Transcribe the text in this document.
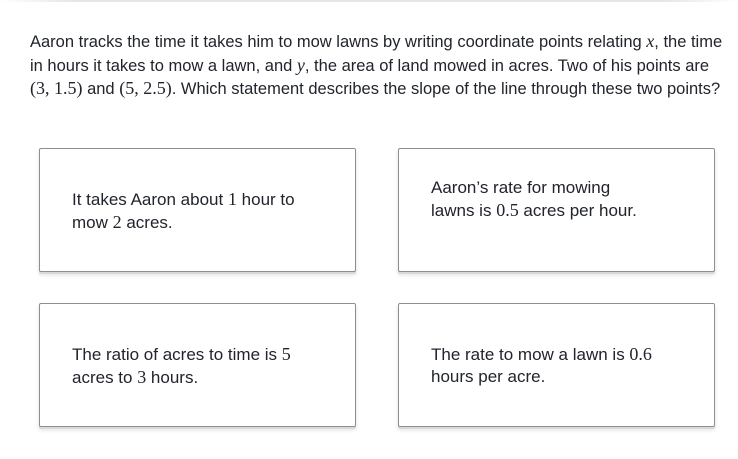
Aaron tracks the time it takes him to mow lawns by writing coordinate points relating x, the time in hours it takes to mow a lawn, and y, the area of land mowed in acres. Two of his points are (3, 1.5) and (5, 2.5). Which statement describes the slope of the line through these two points?
It takes Aaron about 1 hour to mow 2 acres.
Aaron’s rate for mowing lawns is 0.5 acres per hour.
The ratio of acres to time is 5 acres to 3 hours.
The rate to mow a lawn is 0.6 hours per acre.
